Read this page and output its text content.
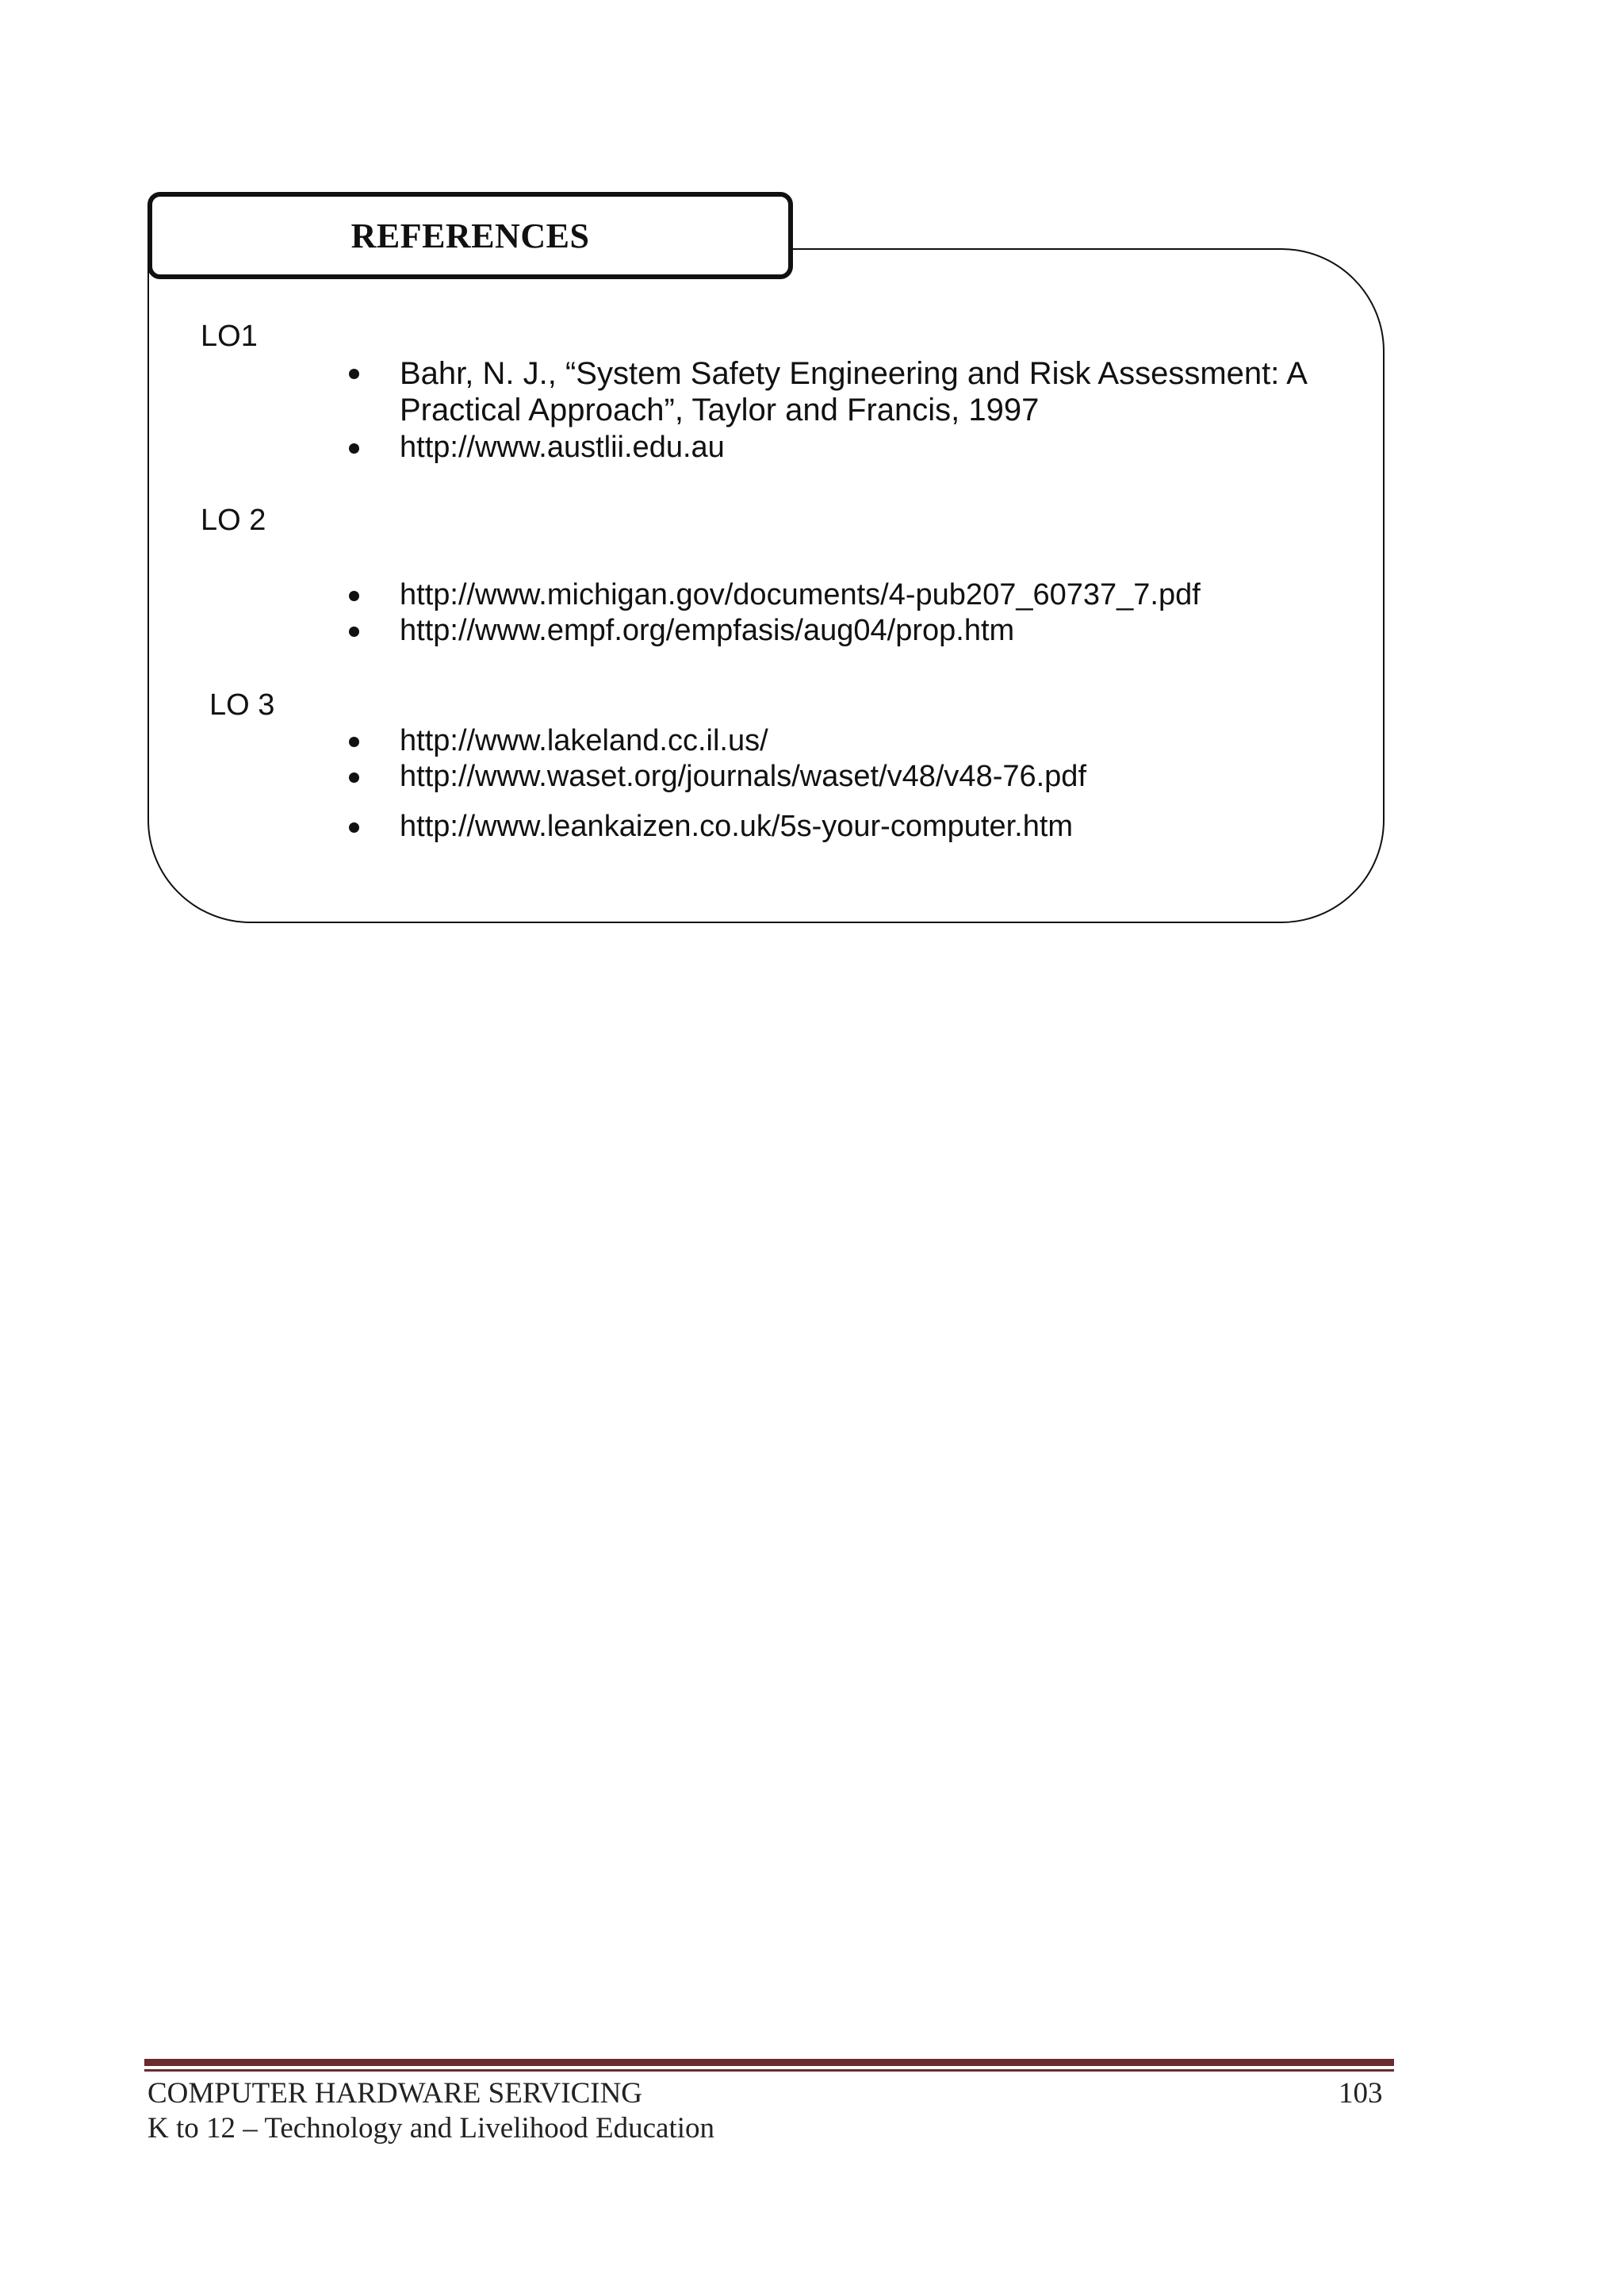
REFERENCES
LO1
Bahr, N. J., “System Safety Engineering and Risk Assessment: A Practical Approach”, Taylor and Francis, 1997
http://www.austlii.edu.au
LO 2
http://www.michigan.gov/documents/4-pub207_60737_7.pdf
http://www.empf.org/empfasis/aug04/prop.htm
LO 3
http://www.lakeland.cc.il.us/
http://www.waset.org/journals/waset/v48/v48-76.pdf
http://www.leankaizen.co.uk/5s-your-computer.htm
COMPUTER HARDWARE SERVICING	103
K to 12 – Technology and Livelihood Education
